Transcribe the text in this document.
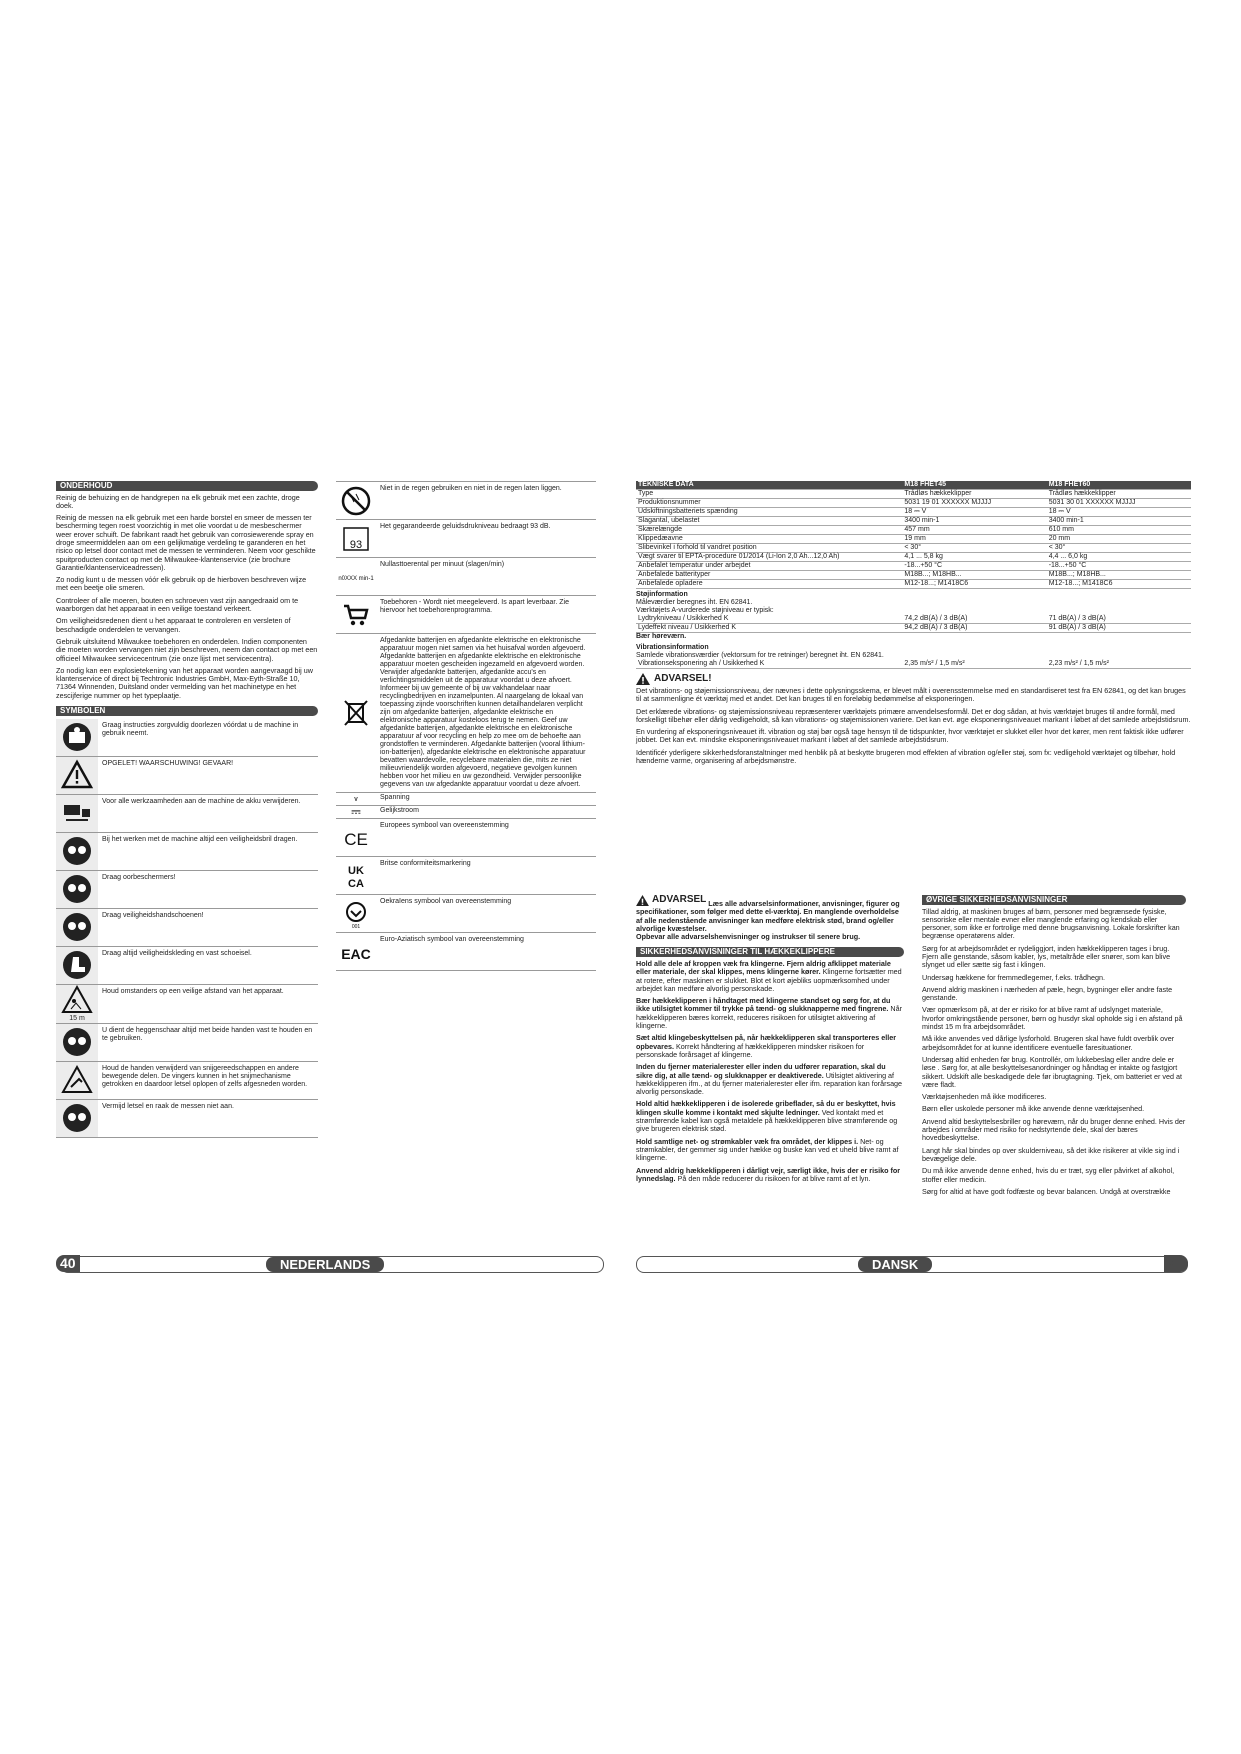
ONDERHOUD

Reinig de behuizing en de handgrepen na elk gebruik met een zachte, droge doek.

Reinig de messen na elk gebruik met een harde borstel en smeer de messen ter bescherming tegen roest voorzichtig in met olie voordat u de mesbeschermer weer erover schuift. De fabrikant raadt het gebruik van corrosiewerende spray en droge smeermiddelen aan om een gelijkmatige verdeling te garanderen en het risico op letsel door contact met de messen te verminderen. Neem voor geschikte spuitproducten contact op met de Milwaukee-klantenservice (zie brochure Garantie/klantenserviceadressen).

Zo nodig kunt u de messen vóór elk gebruik op de hierboven beschreven wijze met een beetje olie smeren.

Controleer of alle moeren, bouten en schroeven vast zijn aangedraaid om te waarborgen dat het apparaat in een veilige toestand verkeert.

Om veiligheidsredenen dient u het apparaat te controleren en versleten of beschadigde onderdelen te vervangen.

Gebruik uitsluitend Milwaukee toebehoren en onderdelen. Indien componenten die moeten worden vervangen niet zijn beschreven, neem dan contact op met een officieel Milwaukee servicecentrum (zie onze lijst met servicecentra).

Zo nodig kan een explosietekening van het apparaat worden aangevraagd bij uw klantenservice of direct bij Techtronic Industries GmbH, Max-Eyth-Straße 10, 71364 Winnenden, Duitsland onder vermelding van het machinetype en het zescijferige nummer op het typeplaatje.

SYMBOLEN
Graag instructies zorgvuldig doorlezen vóórdat u de machine in gebruik neemt.
OPGELET! WAARSCHUWING! GEVAAR!
Voor alle werkzaamheden aan de machine de akku verwijderen.
Bij het werken met de machine altijd een veiligheidsbril dragen.
Draag oorbeschermers!
Draag veiligheidshandschoenen!
Draag altijd veiligheidskleding en vast schoeisel.
15 m
Houd omstanders op een veilige afstand van het apparaat.
U dient de heggenschaar altijd met beide handen vast te houden en te gebruiken.
Houd de handen verwijderd van snijgereedschappen en andere bewegende delen. De vingers kunnen in het snijmechanisme getrokken en daardoor letsel oplopen of zelfs afgesneden worden.
Vermijd letsel en raak de messen niet aan.
Niet in de regen gebruiken en niet in de regen laten liggen.
93
Het gegarandeerde geluidsdrukniveau bedraagt 93 dB.
n0XXX min-1
Nullasttoerental per minuut (slagen/min)
Toebehoren - Wordt niet meegeleverd. Is apart leverbaar. Zie hiervoor het toebehorenprogramma.
Afgedankte batterijen en afgedankte elektrische en elektronische apparatuur mogen niet samen via het huisafval worden afgevoerd. Afgedankte batterijen en afgedankte elektrische en elektronische apparatuur moeten gescheiden ingezameld en afgevoerd worden. Verwijder afgedankte batterijen, afgedankte accu's en verlichtingsmiddelen uit de apparatuur voordat u deze afvoert. Informeer bij uw gemeente of bij uw vakhandelaar naar recyclingbedrijven en inzamelpunten. Al naargelang de lokaal van toepassing zijnde voorschriften kunnen detailhandelaren verplicht zijn om afgedankte batterijen, afgedankte elektrische en elektronische apparatuur kosteloos terug te nemen. Geef uw afgedankte batterijen, afgedankte elektrische en elektronische apparatuur af voor recycling en help zo mee om de behoefte aan grondstoffen te verminderen. Afgedankte batterijen (vooral lithium-ion-batterijen), afgedankte elektrische en elektronische apparatuur bevatten waardevolle, recyclebare materialen die, mits ze niet milieuvriendelijk worden afgevoerd, negatieve gevolgen kunnen hebben voor het milieu en uw gezondheid. Verwijder persoonlijke gegevens van uw afgedankte apparatuur voordat u deze afvoert.
V	Spanning
Gelijkstroom
CE
Europees symbool van overeenstemming
UK
CA
Britse conformiteitsmarkering
001
Oekraïens symbool van overeenstemming
EAC
Euro-Aziatisch symbool van overeenstemming
40	NEDERLANDS
TEKNISKE DATA	M18 FHET45	M18 FHET60
Type	Trådløs hækkeklipper	Trådløs hækkeklipper
Produktionsnummer	5031 19 01 XXXXXX MJJJJ	5031 30 01 XXXXXX MJJJJ
Udskiftningsbatteriets spænding	18 ⎓ V	18 ⎓ V
Slagantal, ubelastet	3400 min-1	3400 min-1
Skærelængde	457 mm	610 mm
Klippedæavne	19 mm	20 mm
Slibevinkel i forhold til vandret position	< 30°	< 30°
Vægt svarer til EPTA-procedure 01/2014 (Li-Ion 2,0 Ah...12,0 Ah)	4,1 ... 5,8 kg	4,4 ... 6,0 kg
Anbefalet temperatur under arbejdet	-18...+50 °C	-18...+50 °C
Anbefalede batterityper	M18B...; M18HB...	M18B...; M18HB...
Anbefalede opladere	M12-18...; M1418C6	M12-18...; M1418C6
Støjinformation
Måleværdier beregnes iht. EN 62841.
Værktøjets A-vurderede støjniveau er typisk:
Lydtrykniveau / Usikkerhed K	74,2 dB(A) / 3 dB(A)	71 dB(A) / 3 dB(A)
Lydeffekt niveau / Usikkerhed K	94,2 dB(A) / 3 dB(A)	91 dB(A) / 3 dB(A)
Bær høreværn.
Vibrationsinformation
Samlede vibrationsværdier (vektorsum for tre retninger) beregnet iht. EN 62841.
Vibrationseksponering ah / Usikkerhed K	2,35 m/s² / 1,5 m/s²	2,23 m/s² / 1,5 m/s²
ADVARSEL!

Det vibrations- og støjemissionsniveau, der nævnes i dette oplysningsskema, er blevet målt i overensstemmelse med en standardiseret test fra EN 62841, og det kan bruges til at sammenligne ét værktøj med et andet. Det kan bruges til en foreløbig bedømmelse af eksponeringen.

Det erklærede vibrations- og støjemissionsniveau repræsenterer værktøjets primære anvendelsesformål. Det er dog sådan, at hvis værktøjet bruges til andre formål, med forskelligt tilbehør eller dårlig vedligeholdt, så kan vibrations- og støjemissionen variere. Det kan evt. øge eksponeringsniveauet markant i løbet af det samlede arbejdstidsrum.

En vurdering af eksponeringsniveauet ift. vibration og støj bør også tage hensyn til de tidspunkter, hvor værktøjet er slukket eller hvor det kører, men rent faktisk ikke udfører jobbet. Det kan evt. mindske eksponeringsniveauet markant i løbet af det samlede arbejdstidsrum.

Identificér yderligere sikkerhedsforanstaltninger med henblik på at beskytte brugeren mod effekten af vibration og/eller støj, som fx: vedligehold værktøjet og tilbehør, hold hænderne varme, organisering af arbejdsmønstre.

ADVARSEL Læs alle advarselsinformationer, anvisninger, figurer og specifikationer, som følger med dette el-værktøj. En manglende overholdelse af alle nedenstående anvisninger kan medføre elektrisk stød, brand og/eller alvorlige kvæstelser.
Opbevar alle advarselshenvisninger og instrukser til senere brug.
SIKKERHEDSANVISNINGER TIL HÆKKEKLIPPERE

Hold alle dele af kroppen væk fra klingerne. Fjern aldrig afklippet materiale eller materiale, der skal klippes, mens klingerne kører. Klingerne fortsætter med at rotere, efter maskinen er slukket. Blot et kort øjebliks uopmærksomhed under arbejdet kan medføre alvorlig personskade.

Bær hækkeklipperen i håndtaget med klingerne standset og sørg for, at du ikke utilsigtet kommer til trykke på tænd- og slukknapperne med fingrene. Når hækkeklipperen bæres korrekt, reduceres risikoen for utilsigtet aktivering af klingerne.

Sæt altid klingebeskyttelsen på, når hækkeklipperen skal transporteres eller opbevares. Korrekt håndtering af hækkeklipperen mindsker risikoen for personskade forårsaget af klingerne.

Inden du fjerner materialerester eller inden du udfører reparation, skal du sikre dig, at alle tænd- og slukknapper er deaktiverede. Utilsigtet aktivering af hækkeklipperen ifm., at du fjerner materialerester eller ifm. reparation kan forårsage alvorlig personskade.

Hold altid hækkeklipperen i de isolerede gribeflader, så du er beskyttet, hvis klingen skulle komme i kontakt med skjulte ledninger. Ved kontakt med et strømførende kabel kan også metaldele på hækkeklipperen blive strømførende og give brugeren elektrisk stød.

Hold samtlige net- og strømkabler væk fra området, der klippes i. Net- og strømkabler, der gemmer sig under hække og buske kan ved et uheld blive ramt af klingerne.

Anvend aldrig hækkeklipperen i dårligt vejr, særligt ikke, hvis der er risiko for lynnedslag. På den måde reducerer du risikoen for at blive ramt af et lyn.

ØVRIGE SIKKERHEDSANVISNINGER

Tillad aldrig, at maskinen bruges af børn, personer med begrænsede fysiske, sensoriske eller mentale evner eller manglende erfaring og kendskab eller personer, som ikke er fortrolige med denne brugsanvisning. Lokale forskrifter kan begrænse operatørens alder.

Sørg for at arbejdsområdet er rydeliggjort, inden hækkeklipperen tages i brug. Fjern alle genstande, såsom kabler, lys, metaltråde eller snører, som kan blive slynget ud eller sætte sig fast i klingen.

Undersøg hækkene for fremmedlegemer, f.eks. trådhegn.

Anvend aldrig maskinen i nærheden af pæle, hegn, bygninger eller andre faste genstande.

Vær opmærksom på, at der er risiko for at blive ramt af udslynget materiale, hvorfor omkringstående personer, børn og husdyr skal opholde sig i en afstand på mindst 15 m fra arbejdsområdet.

Må ikke anvendes ved dårlige lysforhold. Brugeren skal have fuldt overblik over arbejdsområdet for at kunne identificere eventuelle faresituationer.

Undersøg altid enheden før brug. Kontrollér, om lukkebeslag eller andre dele er løse . Sørg for, at alle beskyttelsesanordninger og håndtag er intakte og fastgjort sikkert. Udskift alle beskadigede dele før ibrugtagning. Tjek, om batteriet er ved at være fladt.

Værktøjsenheden må ikke modificeres.

Børn eller uskolede personer må ikke anvende denne værktøjsenhed.

Anvend altid beskyttelsesbriller og høreværn, når du bruger denne enhed. Hvis der arbejdes i områder med risiko for nedstyrtende dele, skal der bæres hovedbeskyttelse.

Langt hår skal bindes op over skulderniveau, så det ikke risikerer at vikle sig ind i bevægelige dele.

Du må ikke anvende denne enhed, hvis du er træt, syg eller påvirket af alkohol, stoffer eller medicin.

Sørg for altid at have godt fodfæste og bevar balancen. Undgå at overstrække

41
DANSK
